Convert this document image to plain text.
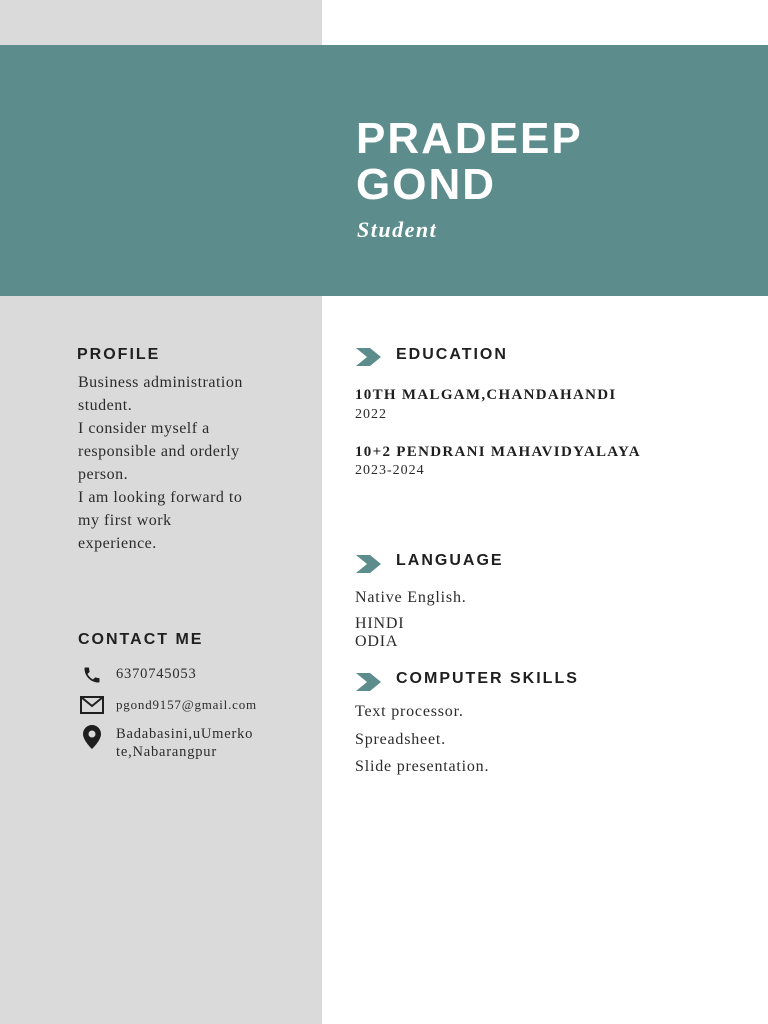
PRADEEP
GOND
Student
PROFILE
Business administration
student.
I consider myself a
responsible and orderly
person.
I am looking forward to
my first work
experience.
CONTACT ME
6370745053
pgond9157@gmail.com
Badabasini,uUmerko
te,Nabarangpur
EDUCATION
10TH MALGAM,CHANDAHANDI
2022
10+2 PENDRANI MAHAVIDYALAYA
2023-2024
LANGUAGE
Native English.
HINDI
ODIA
COMPUTER SKILLS
Text processor.
Spreadsheet.
Slide presentation.
